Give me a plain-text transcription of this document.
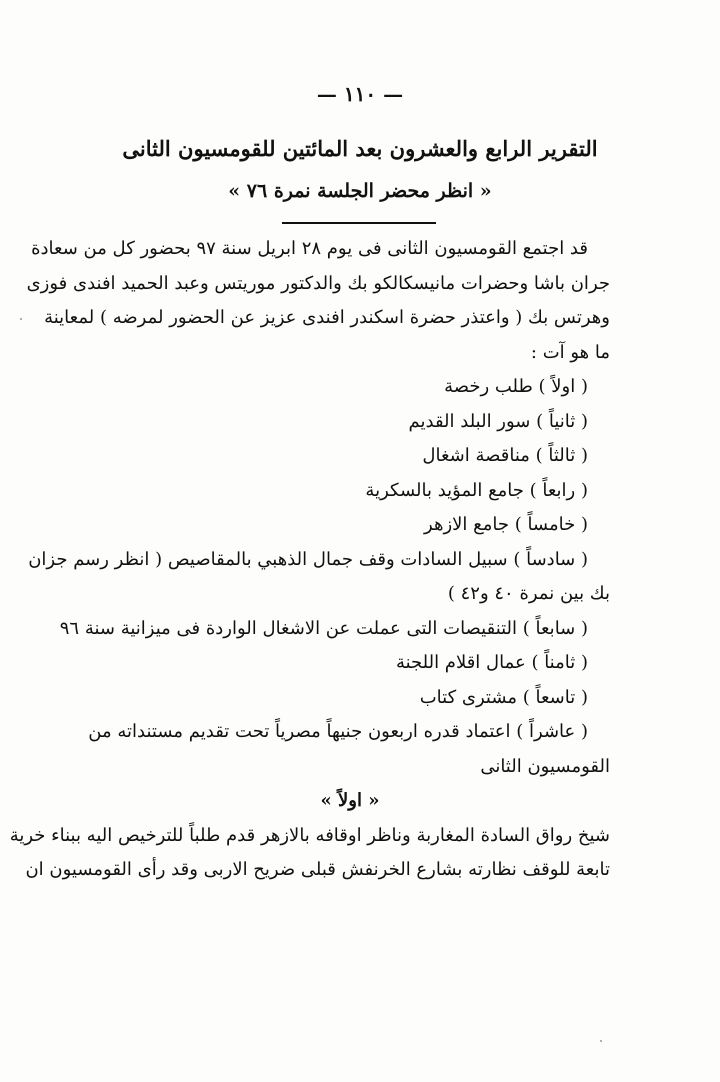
— ١١٠ —
التقرير الرابع والعشرون بعد المائتين للقومسيون الثانى
« انظر محضر الجلسة نمرة ٧٦ »
قد اجتمع القومسيون الثانى فى يوم ٢٨ ابريل سنة ٩٧ بحضور كل من سعادة
جران باشا وحضرات مانيسكالكو بك والدكتور موريتس وعبد الحميد افندى فوزى
وهرتس بك ( واعتذر حضرة اسكندر افندى عزيز عن الحضور لمرضه ) لمعاينة
ما هو آت :
( اولاً ) طلب رخصة
( ثانياً ) سور البلد القديم
( ثالثاً ) مناقصة اشغال
( رابعاً ) جامع المؤيد بالسكرية
( خامساً ) جامع الازهر
( سادساً ) سبيل السادات وقف جمال الذهبي بالمقاصيص ( انظر رسم جزان
بك بين نمرة ٤٠ و٤٢ )
( سابعاً ) التنقيصات التى عملت عن الاشغال الواردة فى ميزانية سنة ٩٦
( ثامناً ) عمال اقلام اللجنة
( تاسعاً ) مشترى كتاب
( عاشراً ) اعتماد قدره اربعون جنيهاً مصرياً تحت تقديم مستنداته من
القومسيون الثانى
« اولاً »
شيخ رواق السادة المغاربة وناظر اوقافه بالازهر قدم طلباً للترخيص اليه ببناء خرية
تابعة للوقف نظارته بشارع الخرنفش قبلى ضريح الاربى وقد رأى القومسيون ان
